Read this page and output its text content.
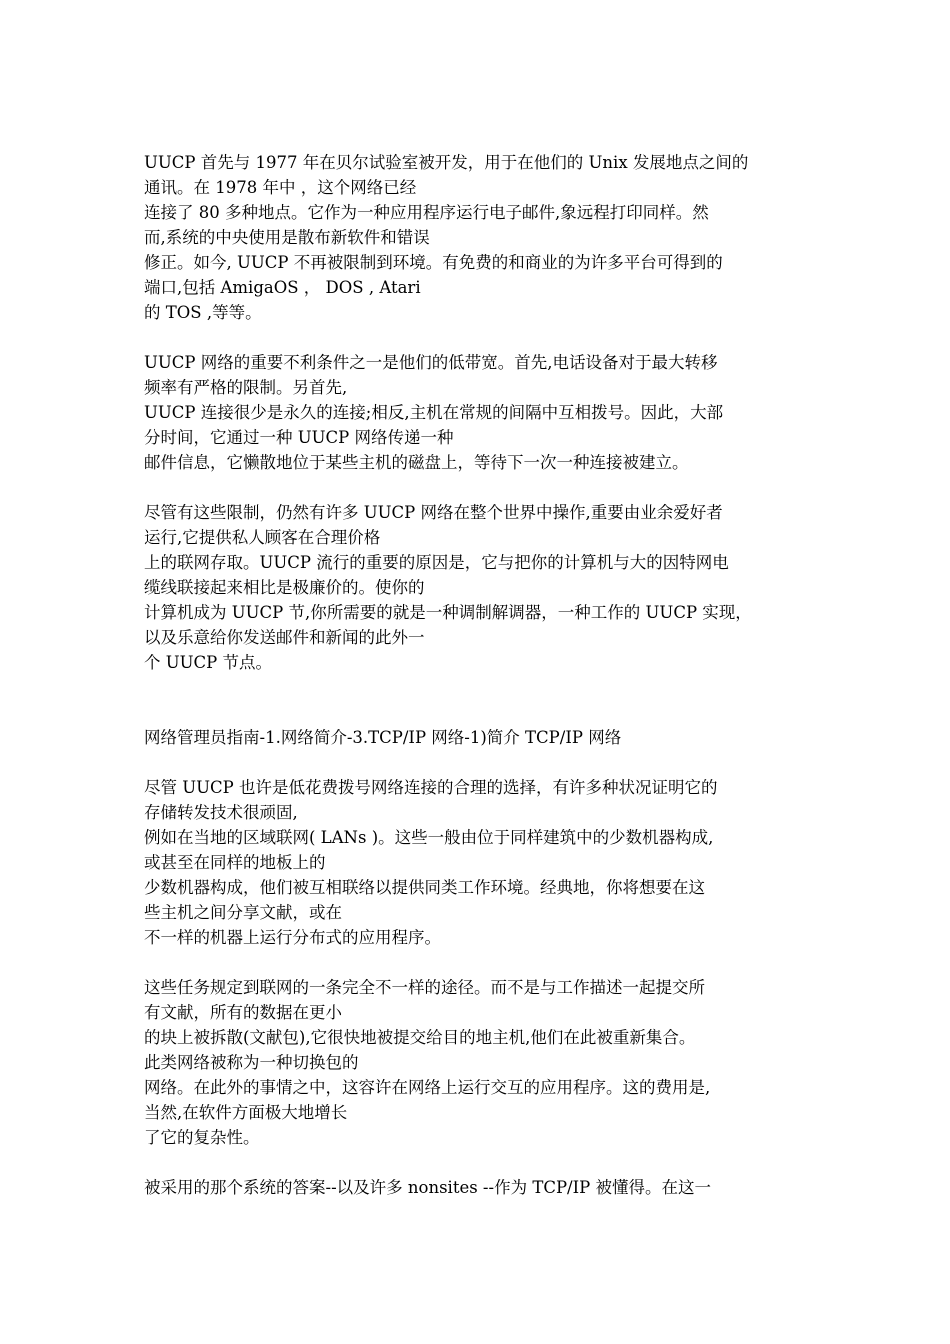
UUCP 首先与 1977 年在贝尔试验室被开发，用于在他们的 Unix 发展地点之间的
通讯。在 1978 年中 ，这个网络已经
连接了 80 多种地点。它作为一种应用程序运行电子邮件,象远程打印同样。然
而,系统的中央使用是散布新软件和错误
修正。如今, UUCP 不再被限制到环境。有免费的和商业的为许多平台可得到的
端口,包括 AmigaOS ， DOS , Atari
的 TOS ,等等。
UUCP 网络的重要不利条件之一是他们的低带宽。首先,电话设备对于最大转移
频率有严格的限制。另首先,
UUCP 连接很少是永久的连接;相反,主机在常规的间隔中互相拨号。因此，大部
分时间，它通过一种 UUCP 网络传递一种
邮件信息，它懒散地位于某些主机的磁盘上，等待下一次一种连接被建立。
尽管有这些限制，仍然有许多 UUCP 网络在整个世界中操作,重要由业余爱好者
运行,它提供私人顾客在合理价格
上的联网存取。UUCP 流行的重要的原因是，它与把你的计算机与大的因特网电
缆线联接起来相比是极廉价的。使你的
计算机成为 UUCP 节,你所需要的就是一种调制解调器，一种工作的 UUCP 实现，
以及乐意给你发送邮件和新闻的此外一
个 UUCP 节点。
网络管理员指南-1.网络简介-3.TCP/IP 网络-1)简介 TCP/IP 网络
尽管 UUCP 也许是低花费拨号网络连接的合理的选择，有许多种状况证明它的
存储转发技术很顽固,
例如在当地的区域联网( LANs )。这些一般由位于同样建筑中的少数机器构成,
或甚至在同样的地板上的
少数机器构成，他们被互相联络以提供同类工作环境。经典地，你将想要在这
些主机之间分享文献，或在
不一样的机器上运行分布式的应用程序。
这些任务规定到联网的一条完全不一样的途径。而不是与工作描述一起提交所
有文献，所有的数据在更小
的块上被拆散(文献包),它很快地被提交给目的地主机,他们在此被重新集合。
此类网络被称为一种切换包的
网络。在此外的事情之中，这容许在网络上运行交互的应用程序。这的费用是,
当然,在软件方面极大地增长
了它的复杂性。
被采用的那个系统的答案--以及许多 nonsites --作为 TCP/IP 被懂得。在这一
